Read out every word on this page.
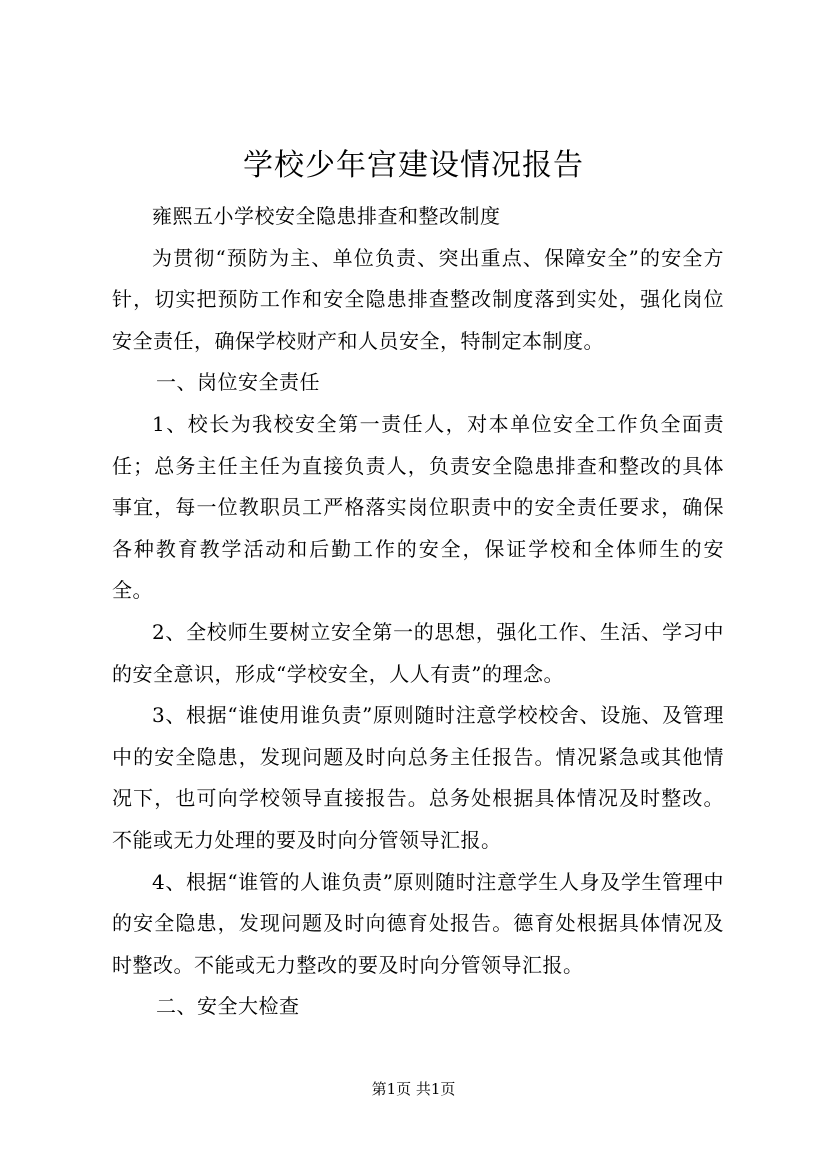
学校少年宫建设情况报告

雍熙五小学校安全隐患排查和整改制度

为贯彻“预防为主、单位负责、突出重点、保障安全”的安全方针，切实把预防工作和安全隐患排查整改制度落到实处，强化岗位安全责任，确保学校财产和人员安全，特制定本制度。

一、岗位安全责任

1、校长为我校安全第一责任人，对本单位安全工作负全面责任；总务主任主任为直接负责人，负责安全隐患排查和整改的具体事宜，每一位教职员工严格落实岗位职责中的安全责任要求，确保各种教育教学活动和后勤工作的安全，保证学校和全体师生的安全。

2、全校师生要树立安全第一的思想，强化工作、生活、学习中的安全意识，形成“学校安全，人人有责”的理念。

3、根据“谁使用谁负责”原则随时注意学校校舍、设施、及管理中的安全隐患，发现问题及时向总务主任报告。情况紧急或其他情况下，也可向学校领导直接报告。总务处根据具体情况及时整改。不能或无力处理的要及时向分管领导汇报。

4、根据“谁管的人谁负责”原则随时注意学生人身及学生管理中的安全隐患，发现问题及时向德育处报告。德育处根据具体情况及时整改。不能或无力整改的要及时向分管领导汇报。

二、安全大检查

第1页 共1页
